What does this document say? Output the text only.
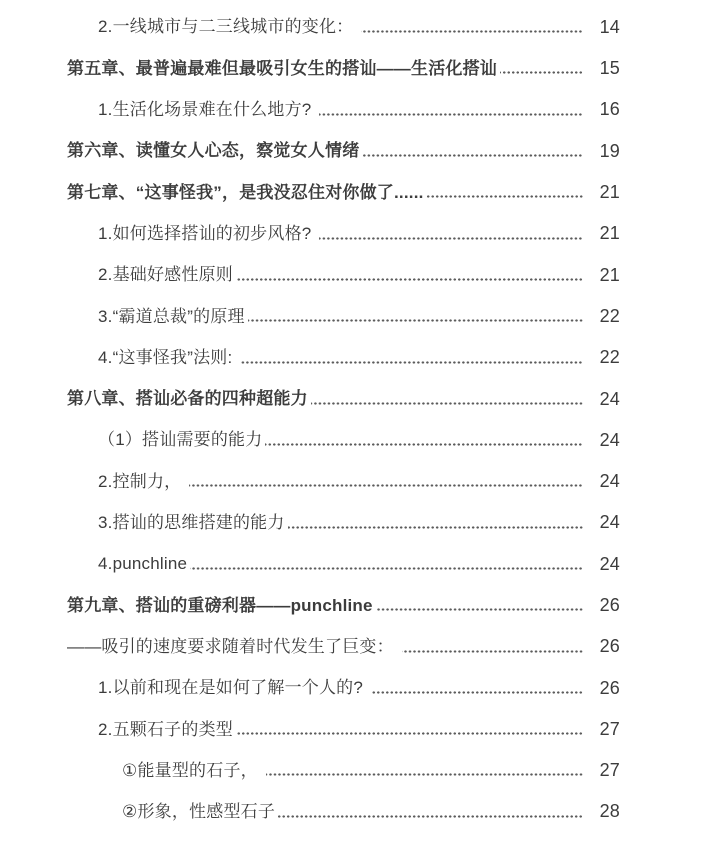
2.一线城市与二三线城市的变化：	14
第五章、最普遍最难但最吸引女生的搭讪——生活化搭讪	15
1.生活化场景难在什么地方?	16
第六章、读懂女人心态，察觉女人情绪	19
第七章、“这事怪我”，是我没忍住对你做了......	21
1.如何选择搭讪的初步风格?	21
2.基础好感性原则	21
3.“霸道总裁”的原理	22
4.“这事怪我”法则:	22
第八章、搭讪必备的四种超能力	24
（1）搭讪需要的能力	24
2.控制力，	24
3.搭讪的思维搭建的能力	24
4.punchline	24
第九章、搭讪的重磅利器——punchline	26
——吸引的速度要求随着时代发生了巨变：	26
1.以前和现在是如何了解一个人的?	26
2.五颗石子的类型	27
①能量型的石子，	27
②形象，性感型石子	28
